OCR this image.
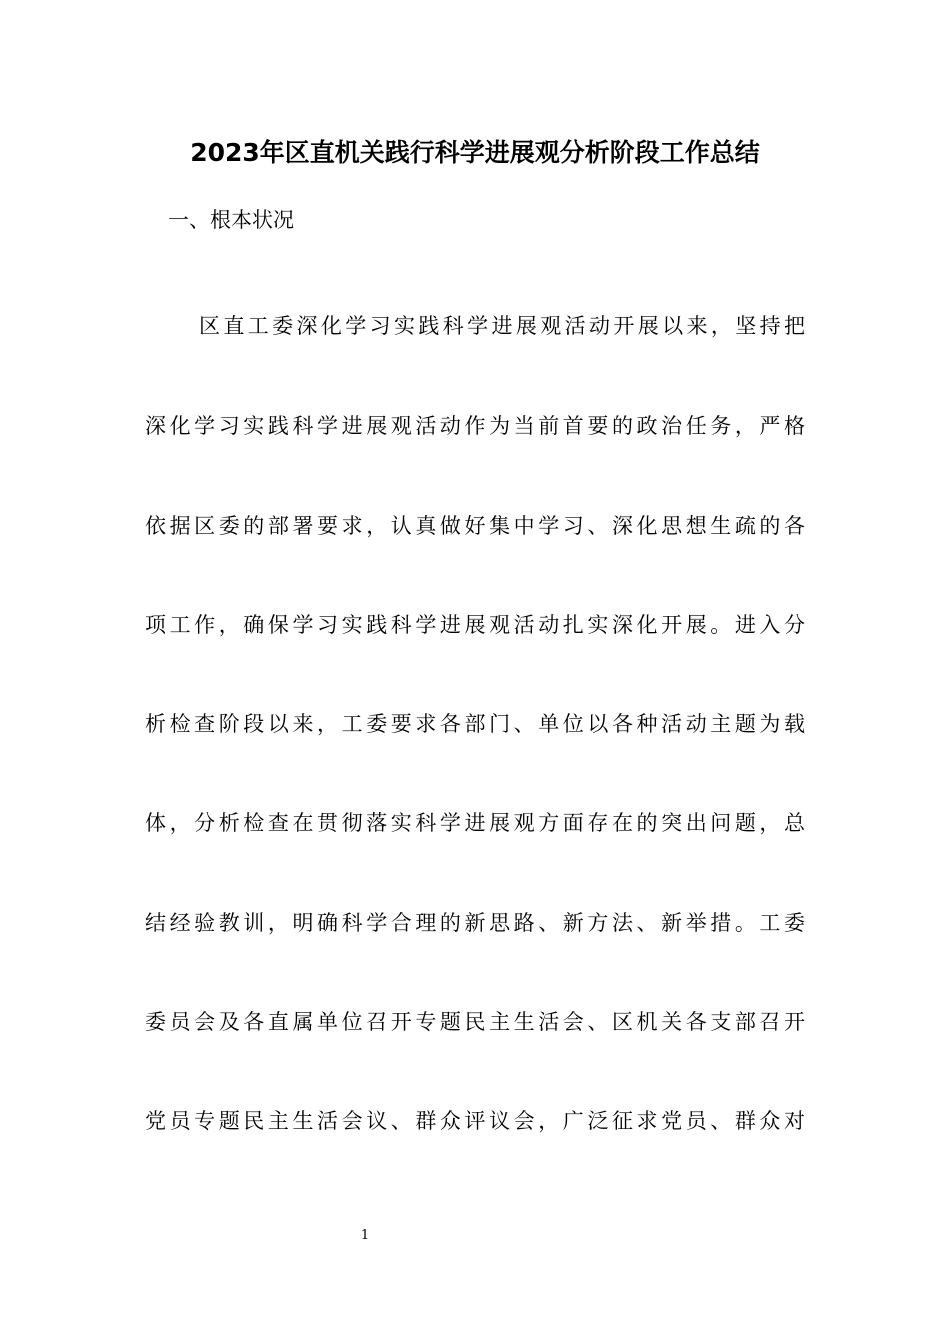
2023年区直机关践行科学进展观分析阶段工作总结
一、根本状况
区直工委深化学习实践科学进展观活动开展以来，坚持把
深化学习实践科学进展观活动作为当前首要的政治任务，严格
依据区委的部署要求，认真做好集中学习、深化思想生疏的各
项工作，确保学习实践科学进展观活动扎实深化开展。进入分
析检查阶段以来，工委要求各部门、单位以各种活动主题为载
体，分析检查在贯彻落实科学进展观方面存在的突出问题，总
结经验教训，明确科学合理的新思路、新方法、新举措。工委
委员会及各直属单位召开专题民主生活会、区机关各支部召开
党员专题民主生活会议、群众评议会，广泛征求党员、群众对
1
